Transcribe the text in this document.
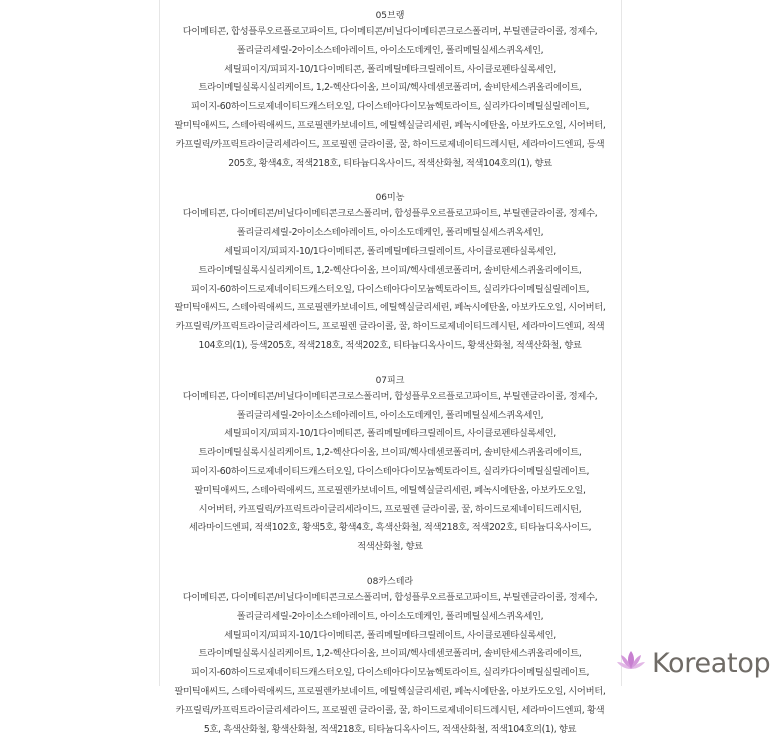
05브랭
다이메티콘, 합성플루오르플로고파이트, 다이메티콘/비닐다이메티콘크로스폴리머, 부틸렌글라이콜, 정제수,
폴리글리세릴-2아이소스테아레이트, 아이소도데케인, 폴리메틸실세스퀴옥세인,
세틸피이지/피피지-10/1다이메티콘, 폴리메틸메타크릴레이트, 사이클로펜타실록세인,
트라이메틸실록시실리케이트, 1,2-헥산다이올, 브이피/헥사데센코폴리머, 솔비탄세스퀴올리에이트,
피이지-60하이드로제네이티드캐스터오일, 다이스테아다이모늄헥토라이트, 실리카다이메틸실릴레이트,
팔미틱애씨드, 스테아릭애씨드, 프로필렌카보네이트, 에틸헥실글리세린, 페녹시에탄올, 아보카도오일, 시어버터,
카프릴릭/카프릭트라이글리세라이드, 프로필렌 글라이콜, 꿀, 하이드로제네이티드레시틴, 세라마이드엔피, 등색
205호, 황색4호, 적색218호, 티타늄디옥사이드, 적색산화철, 적색104호의(1), 향료
06미농
다이메티콘, 다이메티콘/비닐다이메티콘크로스폴리머, 합성플루오르플로고파이트, 부틸렌글라이콜, 정제수,
폴리글리세릴-2아이소스테아레이트, 아이소도데케인, 폴리메틸실세스퀴옥세인,
세틸피이지/피피지-10/1다이메티콘, 폴리메틸메타크릴레이트, 사이클로펜타실록세인,
트라이메틸실록시실리케이트, 1,2-헥산다이올, 브이피/헥사데센코폴리머, 솔비탄세스퀴올리에이트,
피이지-60하이드로제네이티드캐스터오일, 다이스테아다이모늄헥토라이트, 실리카다이메틸실릴레이트,
팔미틱애씨드, 스테아릭애씨드, 프로필렌카보네이트, 에틸헥실글리세린, 페녹시에탄올, 아보카도오일, 시어버터,
카프릴릭/카프릭트라이글리세라이드, 프로필렌 글라이콜, 꿀, 하이드로제네이티드레시틴, 세라마이드엔피, 적색
104호의(1), 등색205호, 적색218호, 적색202호, 티타늄디옥사이드, 황색산화철, 적색산화철, 향료
07피크
다이메티콘, 다이메티콘/비닐다이메티콘크로스폴리머, 합성플루오르플로고파이트, 부틸렌글라이콜, 정제수,
폴리글리세릴-2아이소스테아레이트, 아이소도데케인, 폴리메틸실세스퀴옥세인,
세틸피이지/피피지-10/1다이메티콘, 폴리메틸메타크릴레이트, 사이클로펜타실록세인,
트라이메틸실록시실리케이트, 1,2-헥산다이올, 브이피/헥사데센코폴리머, 솔비탄세스퀴올리에이트,
피이지-60하이드로제네이티드캐스터오일, 다이스테아다이모늄헥토라이트, 실리카다이메틸실릴레이트,
팔미틱애씨드, 스테아릭애씨드, 프로필렌카보네이트, 에틸헥실글리세린, 페녹시에탄올, 아보카도오일,
시어버터, 카프릴릭/카프릭트라이글리세라이드, 프로필렌 글라이콜, 꿀, 하이드로제네이티드레시틴,
세라마이드엔피, 적색102호, 황색5호, 황색4호, 흑색산화철, 적색218호, 적색202호, 티타늄디옥사이드,
적색산화철, 향료
08카스테라
다이메티콘, 다이메티콘/비닐다이메티콘크로스폴리머, 합성플루오르플로고파이트, 부틸렌글라이콜, 정제수,
폴리글리세릴-2아이소스테아레이트, 아이소도데케인, 폴리메틸실세스퀴옥세인,
세틸피이지/피피지-10/1다이메티콘, 폴리메틸메타크릴레이트, 사이클로펜타실록세인,
트라이메틸실록시실리케이트, 1,2-헥산다이올, 브이피/헥사데센코폴리머, 솔비탄세스퀴올리에이트,
피이지-60하이드로제네이티드캐스터오일, 다이스테아다이모늄헥토라이트, 실리카다이메틸실릴레이트,
팔미틱애씨드, 스테아릭애씨드, 프로필렌카보네이트, 에틸헥실글리세린, 페녹시에탄올, 아보카도오일, 시어버터,
카프릴릭/카프릭트라이글리세라이드, 프로필렌 글라이콜, 꿀, 하이드로제네이티드레시틴, 세라마이드엔피, 황색
5호, 흑색산화철, 황색산화철, 적색218호, 티타늄디옥사이드, 적색산화철, 적색104호의(1), 향료
Koreatop
